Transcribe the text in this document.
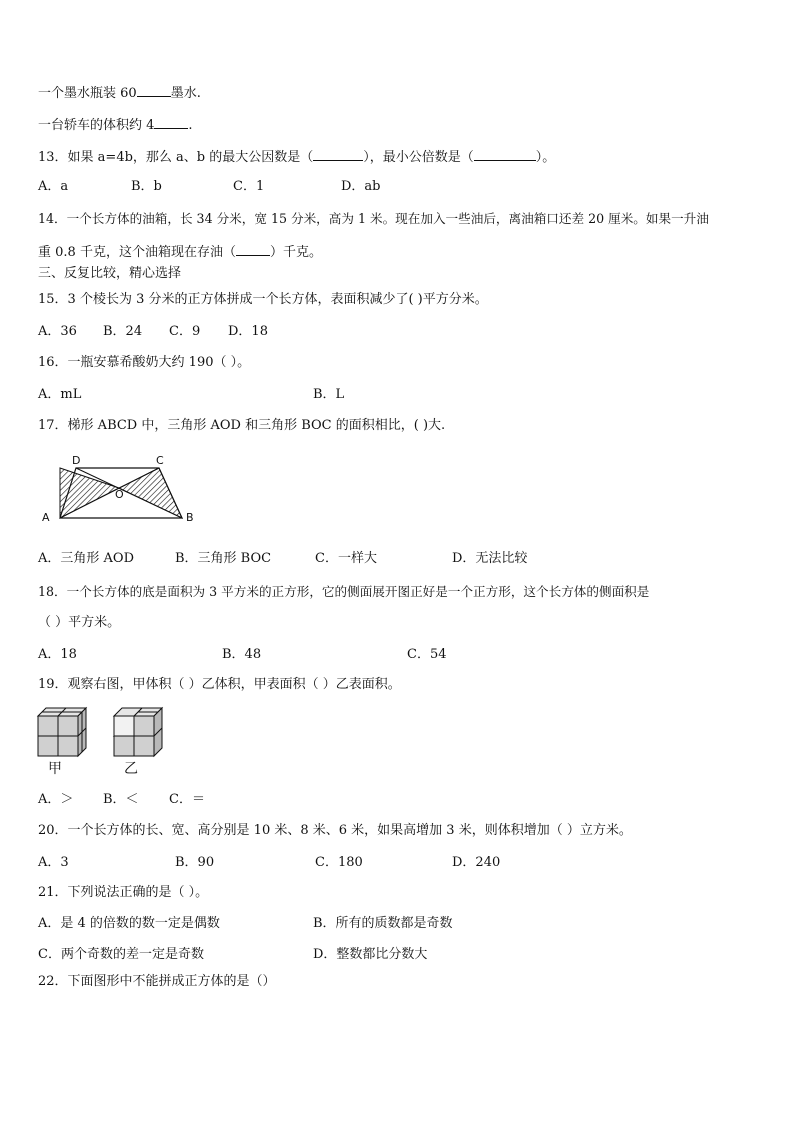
一个墨水瓶装 60	墨水.
一台轿车的体积约 4	.
13．如果 a=4b，那么 a、b 的最大公因数是（	），最小公倍数是（	）。
A．a	B．b	C．1	D．ab
14．一个长方体的油箱，长 34 分米，宽 15 分米，高为 1 米。现在加入一些油后，离油箱口还差 20 厘米。如果一升油
重 0.8 千克，这个油箱现在存油（	）千克。
三、反复比较，精心选择
15．3 个棱长为 3 分米的正方体拼成一个长方体，表面积减少了( )平方分米。
A．36 B．24 C．9 D．18
16．一瓶安慕希酸奶大约 190（ ）。
A．mL	B．L
17．梯形 ABCD 中，三角形 AOD 和三角形 BOC 的面积相比，( )大.
D	C
O
A	B
A．三角形 AOD	B．三角形 BOC	C．一样大	D．无法比较
18．一个长方体的底是面积为 3 平方米的正方形，它的侧面展开图正好是一个正方形，这个长方体的侧面积是
（ ）平方米。
A．18	B．48	C．54
19．观察右图，甲体积（ ）乙体积，甲表面积（ ）乙表面积。
甲	乙
A．＞ B．＜ C．＝
20．一个长方体的长、宽、高分别是 10 米、8 米、6 米，如果高增加 3 米，则体积增加（ ）立方米。
A．3	B．90	C．180	D．240
21．下列说法正确的是（ ）。
A．是 4 的倍数的数一定是偶数	B．所有的质数都是奇数
C．两个奇数的差一定是奇数	D．整数都比分数大
22．下面图形中不能拼成正方体的是（）
